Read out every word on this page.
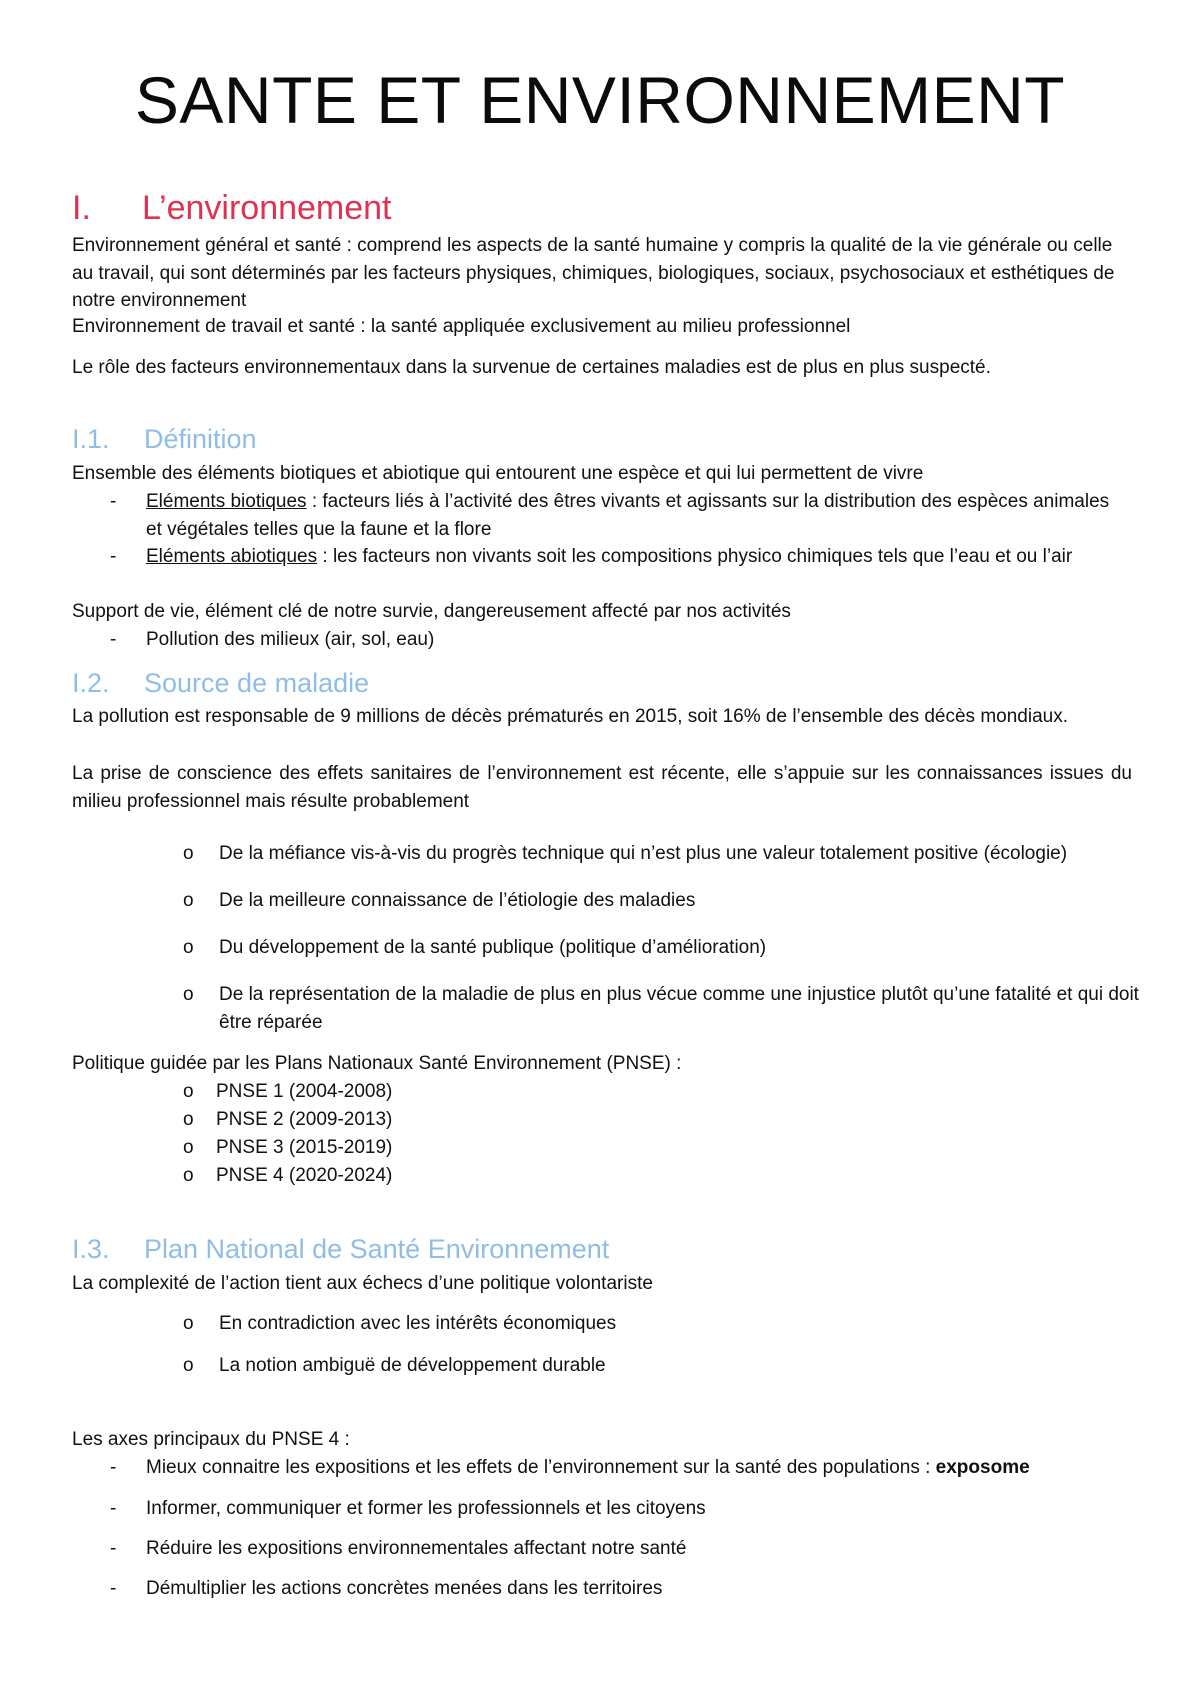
SANTE ET ENVIRONNEMENT
I. L’environnement

Environnement général et santé : comprend les aspects de la santé humaine y compris la qualité de la vie générale ou celle au travail, qui sont déterminés par les facteurs physiques, chimiques, biologiques, sociaux, psychosociaux et esthétiques de notre environnement

Environnement de travail et santé : la santé appliquée exclusivement au milieu professionnel

Le rôle des facteurs environnementaux dans la survenue de certaines maladies est de plus en plus suspecté.

I.1. Définition

Ensemble des éléments biotiques et abiotique qui entourent une espèce et qui lui permettent de vivre

- Eléments biotiques : facteurs liés à l’activité des êtres vivants et agissants sur la distribution des espèces animales et végétales telles que la faune et la flore
- Eléments abiotiques : les facteurs non vivants soit les compositions physico chimiques tels que l’eau et ou l’air

Support de vie, élément clé de notre survie, dangereusement affecté par nos activités

- Pollution des milieux (air, sol, eau)
I.2. Source de maladie

La pollution est responsable de 9 millions de décès prématurés en 2015, soit 16% de l’ensemble des décès mondiaux.

La prise de conscience des effets sanitaires de l’environnement est récente, elle s’appuie sur les connaissances issues du milieu professionnel mais résulte probablement

o De la méfiance vis-à-vis du progrès technique qui n’est plus une valeur totalement positive (écologie)
o De la meilleure connaissance de l’étiologie des maladies
o Du développement de la santé publique (politique d’amélioration)
o De la représentation de la maladie de plus en plus vécue comme une injustice plutôt qu’une fatalité et qui doit être réparée

Politique guidée par les Plans Nationaux Santé Environnement (PNSE) :

o PNSE 1 (2004-2008)
o PNSE 2 (2009-2013)
o PNSE 3 (2015-2019)
o PNSE 4 (2020-2024)
I.3. Plan National de Santé Environnement

La complexité de l’action tient aux échecs d’une politique volontariste

o En contradiction avec les intérêts économiques
o La notion ambiguë de développement durable

Les axes principaux du PNSE 4 :

- Mieux connaitre les expositions et les effets de l’environnement sur la santé des populations : exposome
- Informer, communiquer et former les professionnels et les citoyens
- Réduire les expositions environnementales affectant notre santé
- Démultiplier les actions concrètes menées dans les territoires
